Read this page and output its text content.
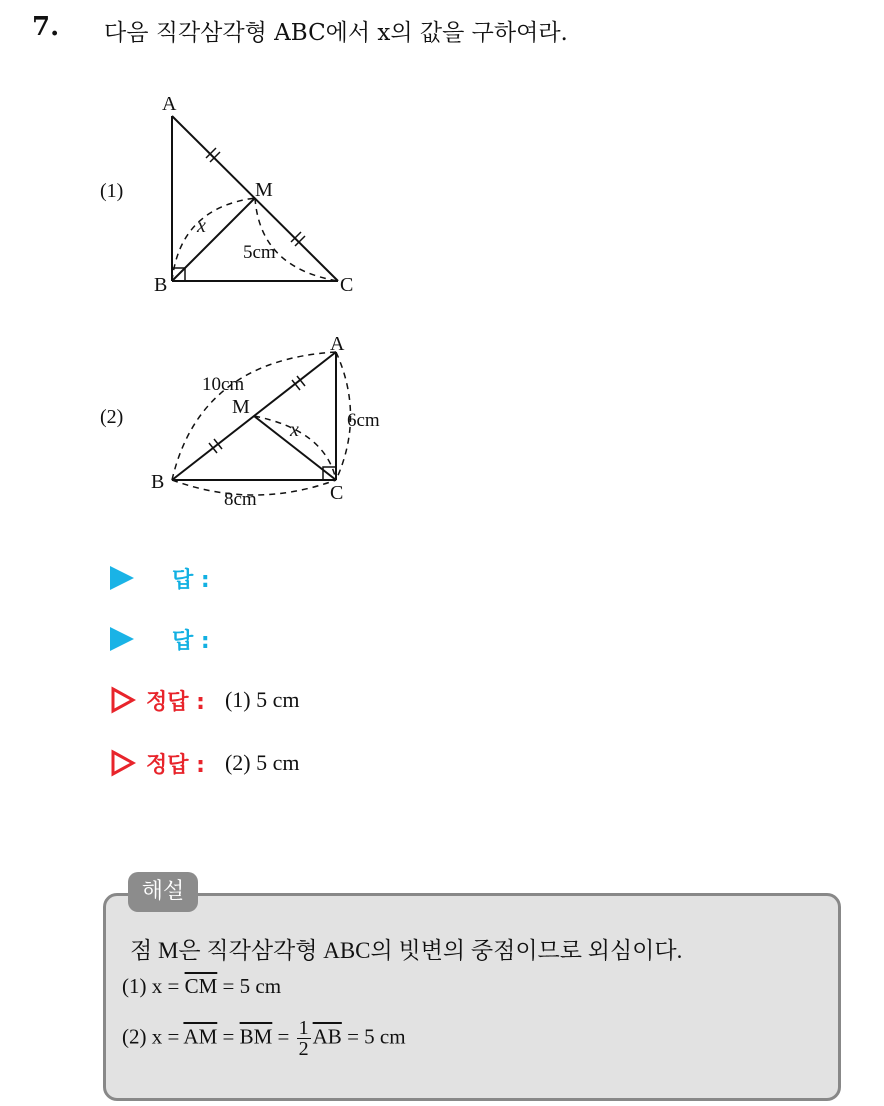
7. 다음 직각삼각형 ABC에서 x의 값을 구하여라.
(1)
A
B	C
M
x
5cm
(2)
A
B	C
M
x
10cm
6cm
8cm
답 :
답 :
정답 : (1) 5 cm
정답 : (2) 5 cm
점 M은 직각삼각형 ABC의 빗변의 중점이므로 외심이다.
(1) $x = \overline{CM} = 5$ cm
(2) $x = \overline{AM} = \overline{BM} = \frac{1}{2} \overline{AB} = 5$ cm
해설
